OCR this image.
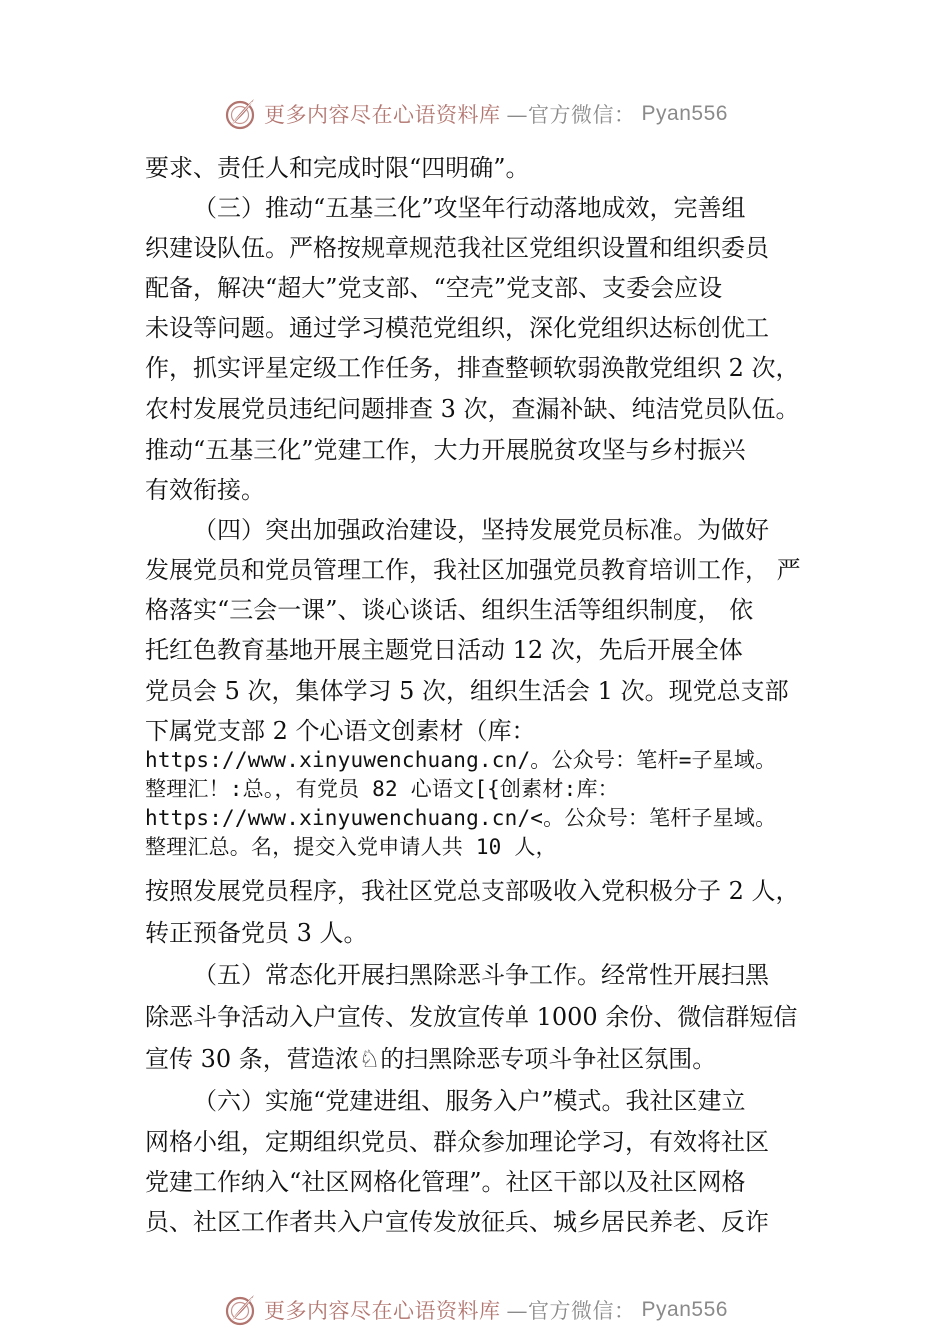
更多内容尽在心语资料库 —官方微信： Pyan556
要求、责任人和完成时限“四明确”。
（三）推动“五基三化”攻坚年行动落地成效，完善组
织建设队伍。严格按规章规范我社区党组织设置和组织委员
配备，解决“超大”党支部、“空壳”党支部、支委会应设
未设等问题。通过学习模范党组织，深化党组织达标创优工
作，抓实评星定级工作任务，排查整顿软弱涣散党组织 2 次，
农村发展党员违纪问题排查 3 次，查漏补缺、纯洁党员队伍。
推动“五基三化”党建工作，大力开展脱贫攻坚与乡村振兴
有效衔接。
（四）突出加强政治建设，坚持发展党员标准。为做好
发展党员和党员管理工作，我社区加强党员教育培训工作， 严
格落实“三会一课”、谈心谈话、组织生活等组织制度， 依
托红色教育基地开展主题党日活动 12 次，先后开展全体
党员会 5 次，集体学习 5 次，组织生活会 1 次。现党总支部
下属党支部 2 个心语文创素材（库：
https://www.xinyuwenchuang.cn/。公众号：笔杆=子星域。
整理汇！:总。，有党员 82 心语文[{创素材:库：
https://www.xinyuwenchuang.cn/<。公众号：笔杆子星域。
整理汇总。名，提交入党申请人共 10 人，
按照发展党员程序，我社区党总支部吸收入党积极分子 2 人，
转正预备党员 3 人。
（五）常态化开展扫黑除恶斗争工作。经常性开展扫黑
除恶斗争活动入户宣传、发放宣传单 1000 余份、微信群短信
宣传 30 条，营造浓♘的扫黑除恶专项斗争社区氛围。
（六）实施“党建进组、服务入户”模式。我社区建立
网格小组，定期组织党员、群众参加理论学习，有效将社区
党建工作纳入“社区网格化管理”。社区干部以及社区网格
员、社区工作者共入户宣传发放征兵、城乡居民养老、反诈
更多内容尽在心语资料库 —官方微信： Pyan556
